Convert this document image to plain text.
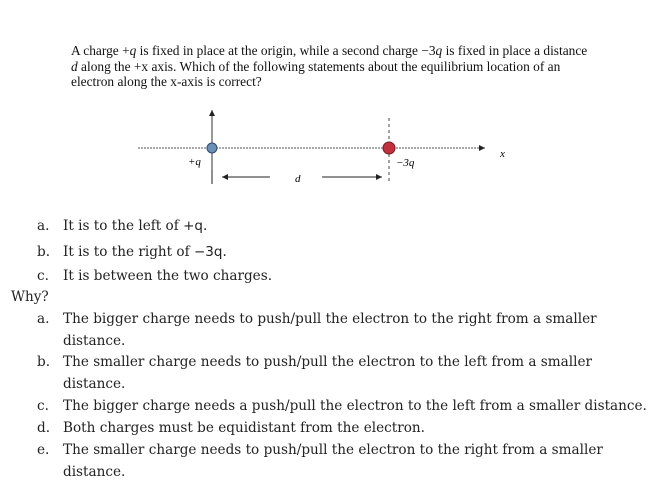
A charge +q is fixed in place at the origin, while a second charge −3q is fixed in place a distance d along the +x axis. Which of the following statements about the equilibrium location of an electron along the x-axis is correct?
+q	−3q
d
x
a. It is to the left of +q.
b. It is to the right of −3q.
c. It is between the two charges.
Why?
a. The bigger charge needs to push/pull the electron to the right from a smaller
distance.
b. The smaller charge needs to push/pull the electron to the left from a smaller
distance.
c. The bigger charge needs a push/pull the electron to the left from a smaller distance.
d. Both charges must be equidistant from the electron.
e. The smaller charge needs to push/pull the electron to the right from a smaller
distance.
